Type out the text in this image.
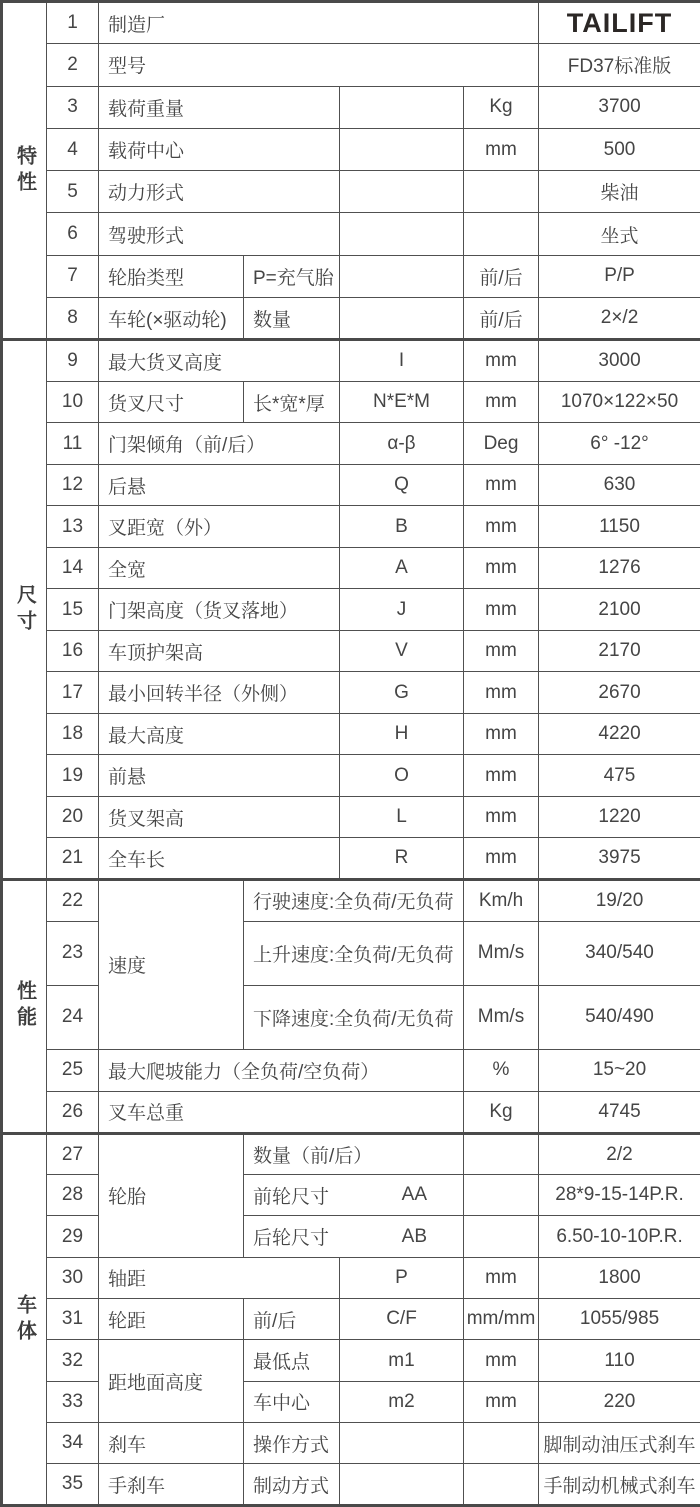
特性	1	制造厂				TAILIFT
	2	型号				FD37标准版
	3	载荷重量			Kg	3700
	4	载荷中心			mm	500
	5	动力形式				柴油
	6	驾驶形式				坐式
	7	轮胎类型	P=充气胎		前/后	P/P
	8	车轮(×驱动轮)	数量		前/后	2×/2

尺寸	9	最大货叉高度		I	mm	3000
	10	货叉尺寸	长*宽*厚	N*E*M	mm	1070×122×50
	11	门架倾角（前/后）		α-β	Deg	6° -12°
	12	后悬		Q	mm	630
	13	叉距宽（外）		B	mm	1150
	14	全宽		A	mm	1276
	15	门架高度（货叉落地）		J	mm	2100
	16	车顶护架高		V	mm	2170
	17	最小回转半径（外侧）		G	mm	2670
	18	最大高度		H	mm	4220
	19	前悬		O	mm	475
	20	货叉架高		L	mm	1220
	21	全车长		R	mm	3975

性能	22	速度	行驶速度:全负荷/无负荷		Km/h	19/20
	23		上升速度:全负荷/无负荷		Mm/s	340/540
	24		下降速度:全负荷/无负荷		Mm/s	540/490
	25	最大爬坡能力（全负荷/空负荷）			%	15~20
	26	叉车总重			Kg	4745

车体	27	轮胎	数量（前/后）			2/2
	28		前轮尺寸 AA			28*9-15-14P.R.
	29		后轮尺寸 AB			6.50-10-10P.R.
	30	轴距		P	mm	1800
	31	轮距	前/后	C/F	mm/mm	1055/985
	32	距地面高度	最低点	m1	mm	110
	33		车中心	m2	mm	220
	34	刹车	操作方式			脚制动油压式刹车
	35	手刹车	制动方式			手制动机械式刹车
